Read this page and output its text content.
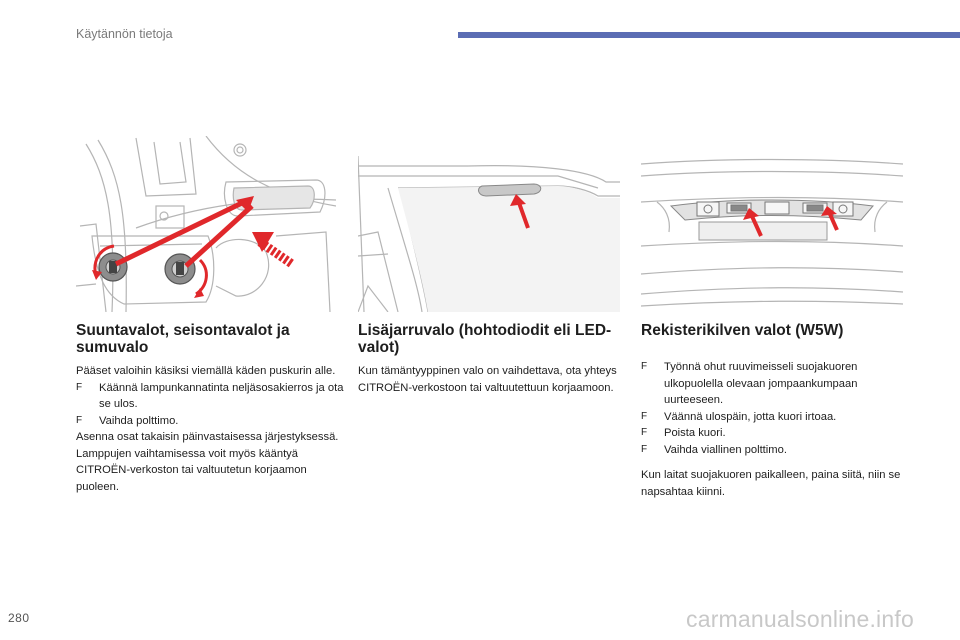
Käytännön tietoja
Suuntavalot, seisontavalot ja sumuvalo

Pääset valoihin käsiksi viemällä käden puskurin alle.

F Käännä lampunkannatinta neljäsosakierros ja ota se ulos.
F Vaihda polttimo.

Asenna osat takaisin päinvastaisessa järjestyksessä.

Lamppujen vaihtamisessa voit myös kääntyä CITROËN-verkoston tai valtuutetun korjaamon puoleen.

Lisäjarruvalo (hohtodiodit eli LED-valot)

Kun tämäntyyppinen valo on vaihdettava, ota yhteys CITROËN-verkostoon tai valtuutettuun korjaamoon.

Rekisterikilven valot (W5W)
F Työnnä ohut ruuvimeisseli suojakuoren ulkopuolella olevaan jompaankumpaan uurteeseen.
F Väännä ulospäin, jotta kuori irtoaa.
F Poista kuori.
F Vaihda viallinen polttimo.

Kun laitat suojakuoren paikalleen, paina siitä, niin se napsahtaa kiinni.

280	carmanualsonline.info
